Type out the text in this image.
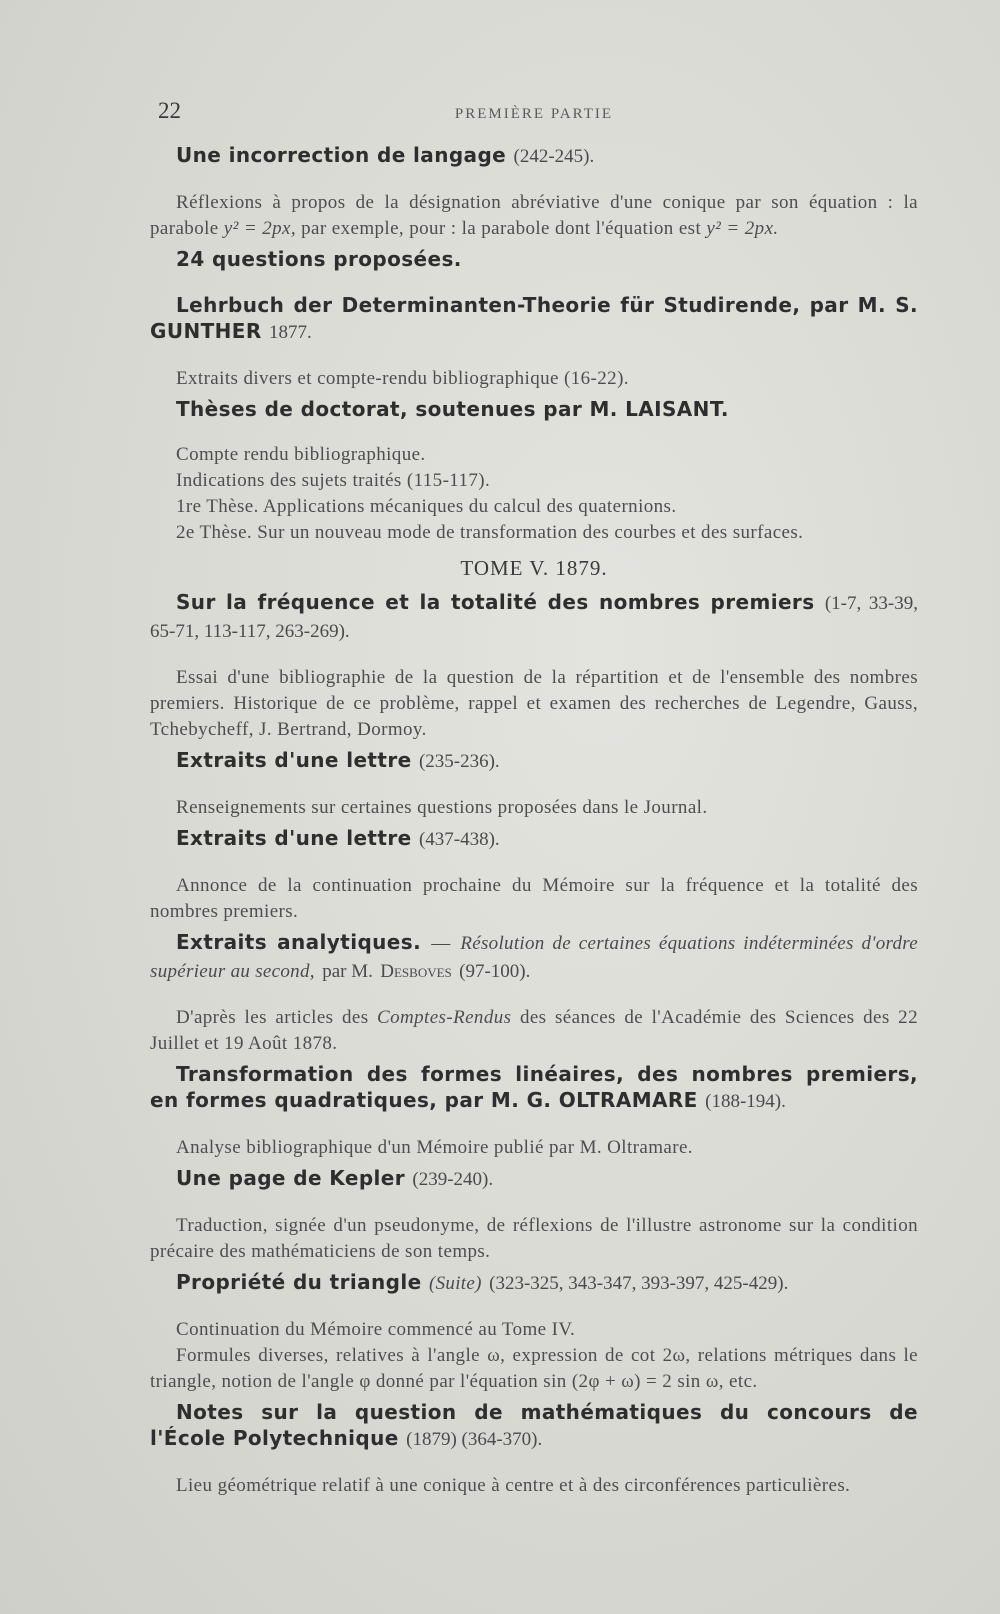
22	PREMIÈRE PARTIE

Une incorrection de langage (242-245).

Réflexions à propos de la désignation abréviative d'une conique par son équation : la parabole y² = 2px, par exemple, pour : la parabole dont l'équation est y² = 2px.

24 questions proposées.

Lehrbuch der Determinanten-Theorie für Studirende, par M. S. GUNTHER 1877.

Extraits divers et compte-rendu bibliographique (16-22).

Thèses de doctorat, soutenues par M. LAISANT.

Compte rendu bibliographique.

Indications des sujets traités (115-117).

1re Thèse. Applications mécaniques du calcul des quaternions.

2e Thèse. Sur un nouveau mode de transformation des courbes et des surfaces.

TOME V. 1879.

Sur la fréquence et la totalité des nombres premiers (1-7, 33-39, 65-71, 113-117, 263-269).

Essai d'une bibliographie de la question de la répartition et de l'ensemble des nombres premiers. Historique de ce problème, rappel et examen des recherches de Legendre, Gauss, Tchebycheff, J. Bertrand, Dormoy.

Extraits d'une lettre (235-236).

Renseignements sur certaines questions proposées dans le Journal.

Extraits d'une lettre (437-438).

Annonce de la continuation prochaine du Mémoire sur la fréquence et la totalité des nombres premiers.

Extraits analytiques. — Résolution de certaines équations indéterminées d'ordre supérieur au second, par M. Desboves (97-100).

D'après les articles des Comptes-Rendus des séances de l'Académie des Sciences des 22 Juillet et 19 Août 1878.

Transformation des formes linéaires, des nombres premiers, en formes quadratiques, par M. G. OLTRAMARE (188-194).

Analyse bibliographique d'un Mémoire publié par M. Oltramare.

Une page de Kepler (239-240).

Traduction, signée d'un pseudonyme, de réflexions de l'illustre astronome sur la condition précaire des mathématiciens de son temps.

Propriété du triangle (Suite) (323-325, 343-347, 393-397, 425-429).

Continuation du Mémoire commencé au Tome IV.

Formules diverses, relatives à l'angle ω, expression de cot 2ω, relations métriques dans le triangle, notion de l'angle φ donné par l'équation sin (2φ + ω) = 2 sin ω, etc.

Notes sur la question de mathématiques du concours de l'École Polytechnique (1879) (364-370).

Lieu géométrique relatif à une conique à centre et à des circonférences particulières.
